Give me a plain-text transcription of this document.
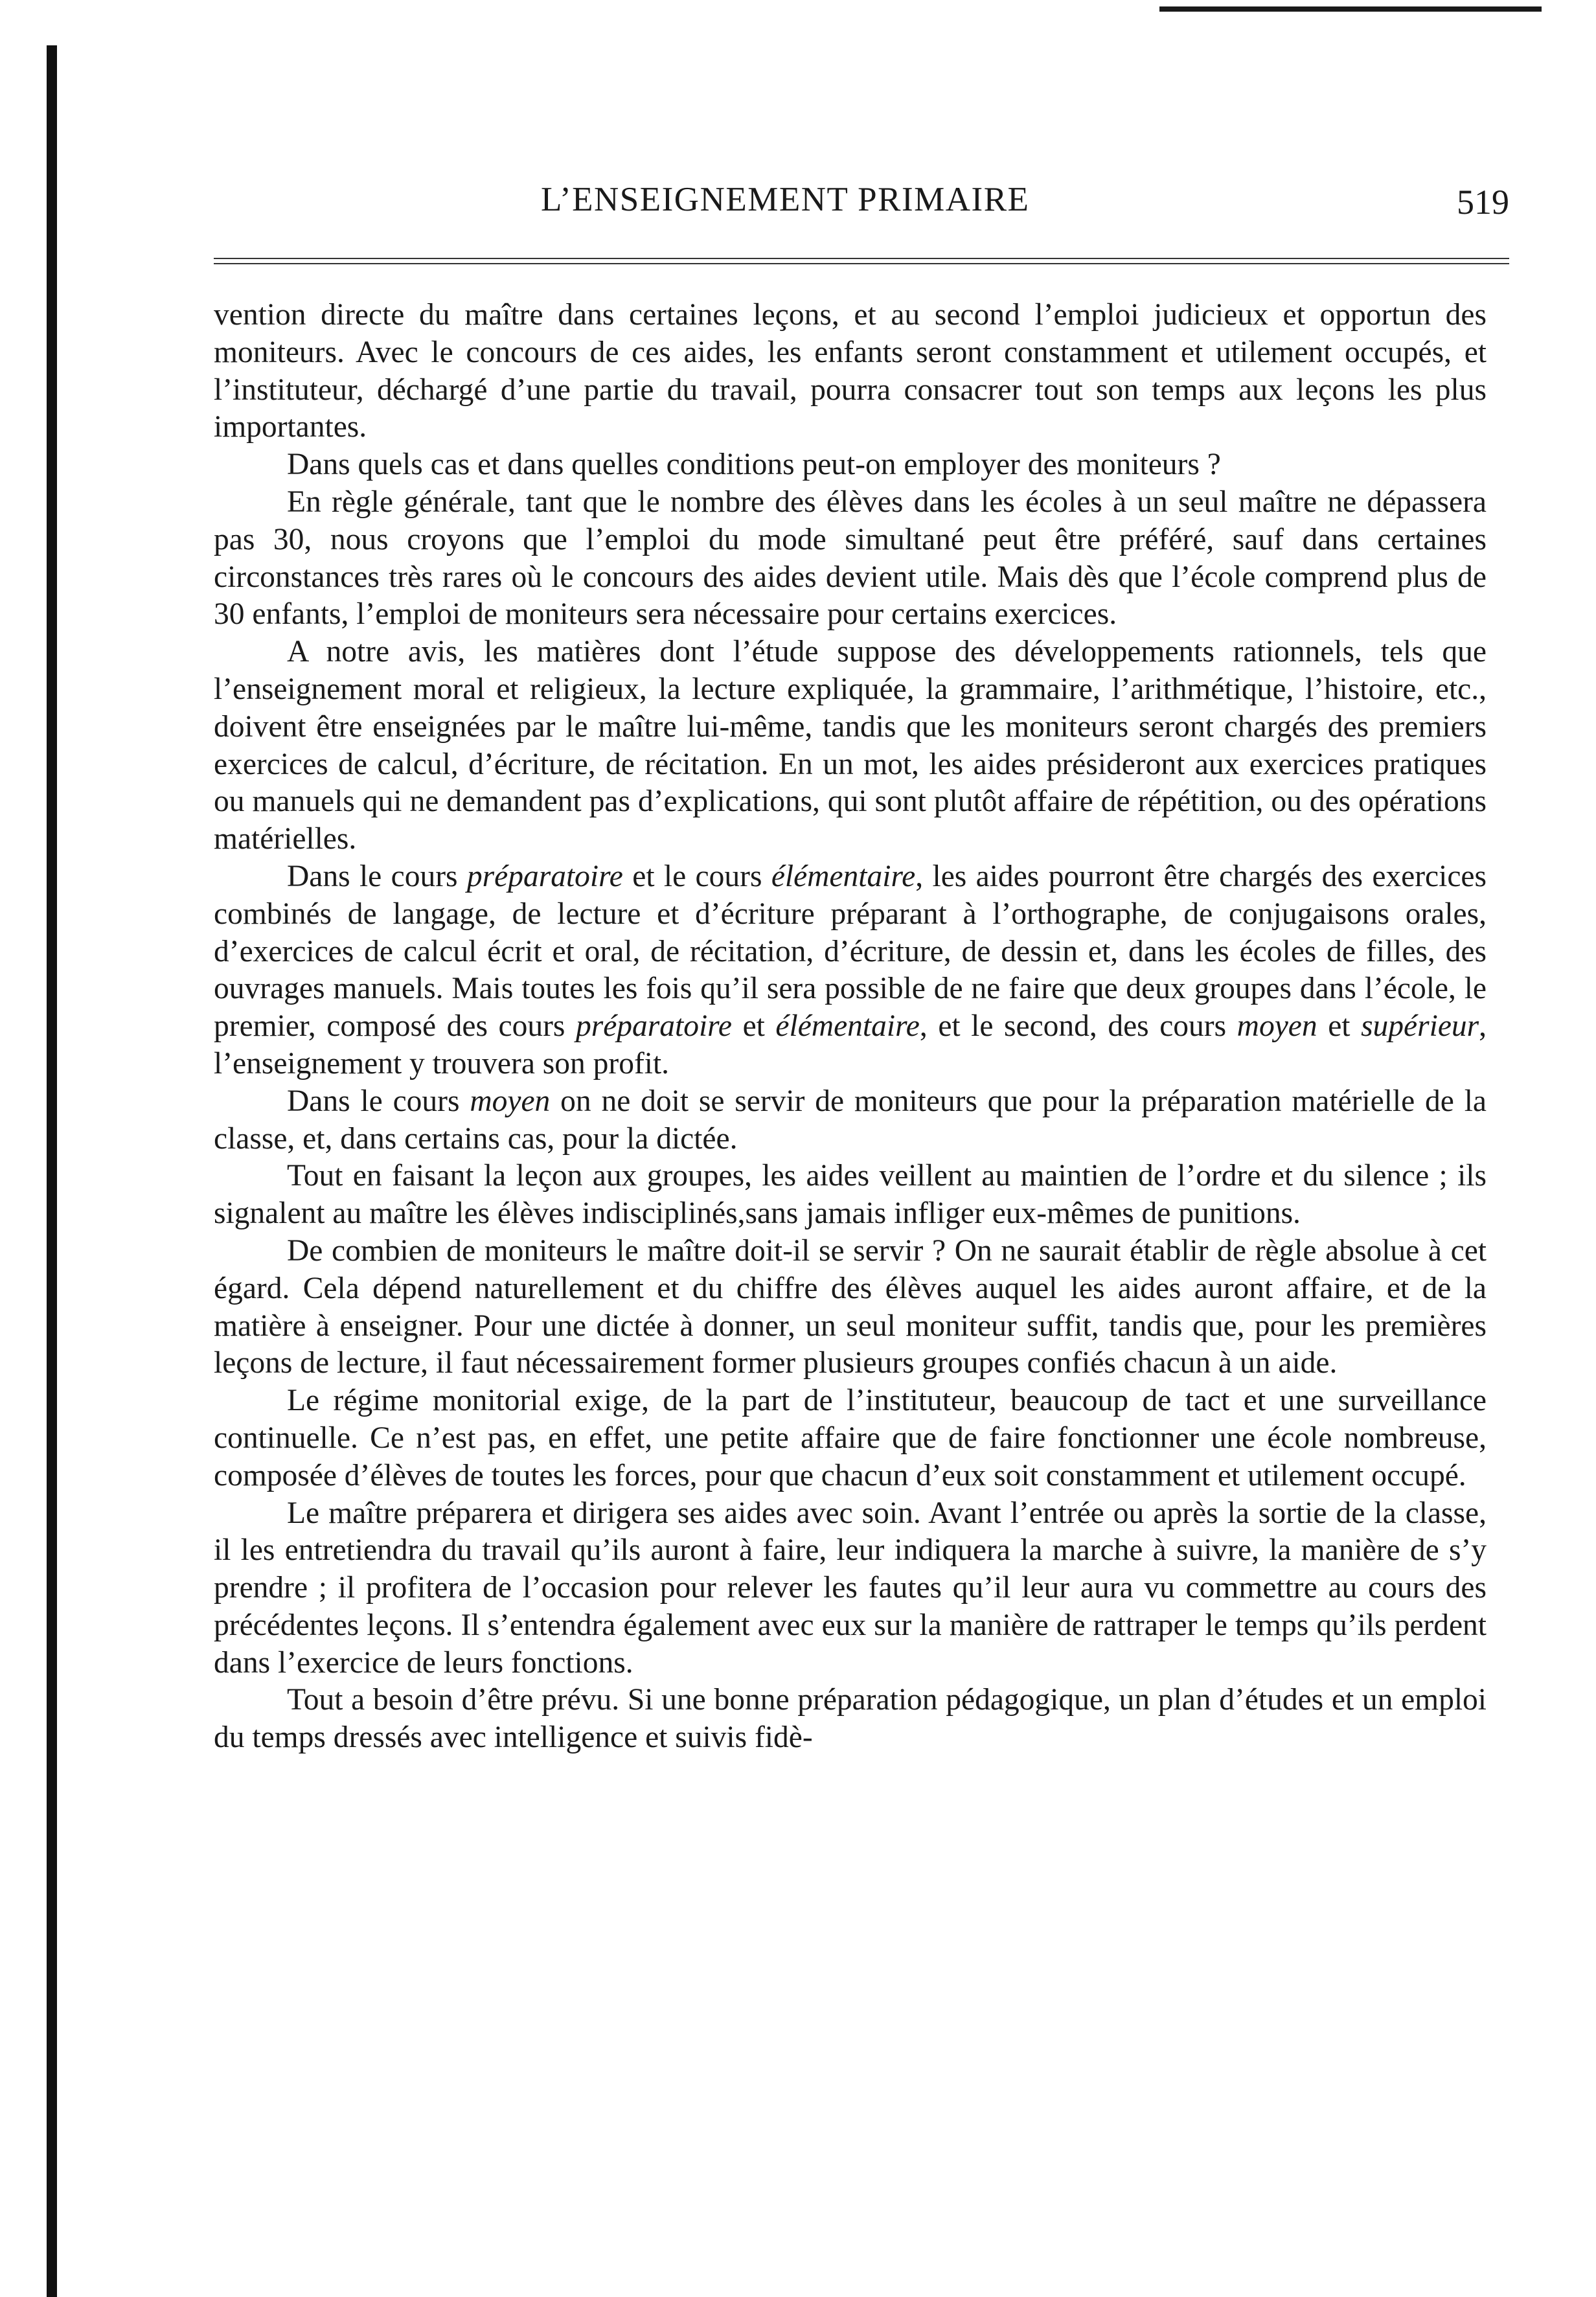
L’ENSEIGNEMENT PRIMAIRE	519

vention directe du maître dans certaines leçons, et au second l’emploi judicieux et opportun des moniteurs. Avec le concours de ces aides, les enfants seront constamment et utilement occupés, et l’instituteur, déchargé d’une partie du travail, pourra consacrer tout son temps aux leçons les plus importantes.

Dans quels cas et dans quelles conditions peut-on employer des moniteurs ?

En règle générale, tant que le nombre des élèves dans les écoles à un seul maître ne dépassera pas 30, nous croyons que l’emploi du mode simultané peut être préféré, sauf dans certaines circonstances très rares où le concours des aides devient utile. Mais dès que l’école comprend plus de 30 enfants, l’emploi de moniteurs sera nécessaire pour certains exercices.

A notre avis, les matières dont l’étude suppose des développements rationnels, tels que l’enseignement moral et religieux, la lecture expliquée, la grammaire, l’arithmétique, l’histoire, etc., doivent être enseignées par le maître lui-même, tandis que les moniteurs seront chargés des premiers exercices de calcul, d’écriture, de récitation. En un mot, les aides présideront aux exercices pratiques ou manuels qui ne demandent pas d’explications, qui sont plutôt affaire de répétition, ou des opérations matérielles.

Dans le cours préparatoire et le cours élémentaire, les aides pourront être chargés des exercices combinés de langage, de lecture et d’écriture préparant à l’orthographe, de conjugaisons orales, d’exercices de calcul écrit et oral, de récitation, d’écriture, de dessin et, dans les écoles de filles, des ouvrages manuels. Mais toutes les fois qu’il sera possible de ne faire que deux groupes dans l’école, le premier, composé des cours préparatoire et élémentaire, et le second, des cours moyen et supérieur, l’enseignement y trouvera son profit.

Dans le cours moyen on ne doit se servir de moniteurs que pour la préparation matérielle de la classe, et, dans certains cas, pour la dictée.

Tout en faisant la leçon aux groupes, les aides veillent au maintien de l’ordre et du silence ; ils signalent au maître les élèves indisciplinés,sans jamais infliger eux-mêmes de punitions.

De combien de moniteurs le maître doit-il se servir ? On ne saurait établir de règle absolue à cet égard. Cela dépend naturellement et du chiffre des élèves auquel les aides auront affaire, et de la matière à enseigner. Pour une dictée à donner, un seul moniteur suffit, tandis que, pour les premières leçons de lecture, il faut nécessairement former plusieurs groupes confiés chacun à un aide.

Le régime monitorial exige, de la part de l’instituteur, beaucoup de tact et une surveillance continuelle. Ce n’est pas, en effet, une petite affaire que de faire fonctionner une école nombreuse, composée d’élèves de toutes les forces, pour que chacun d’eux soit constamment et utilement occupé.

Le maître préparera et dirigera ses aides avec soin. Avant l’entrée ou après la sortie de la classe, il les entretiendra du travail qu’ils auront à faire, leur indiquera la marche à suivre, la manière de s’y prendre ; il profitera de l’occasion pour relever les fautes qu’il leur aura vu commettre au cours des précédentes leçons. Il s’entendra également avec eux sur la manière de rattraper le temps qu’ils perdent dans l’exercice de leurs fonctions.

Tout a besoin d’être prévu. Si une bonne préparation pédagogique, un plan d’études et un emploi du temps dressés avec intelligence et suivis fidè-
